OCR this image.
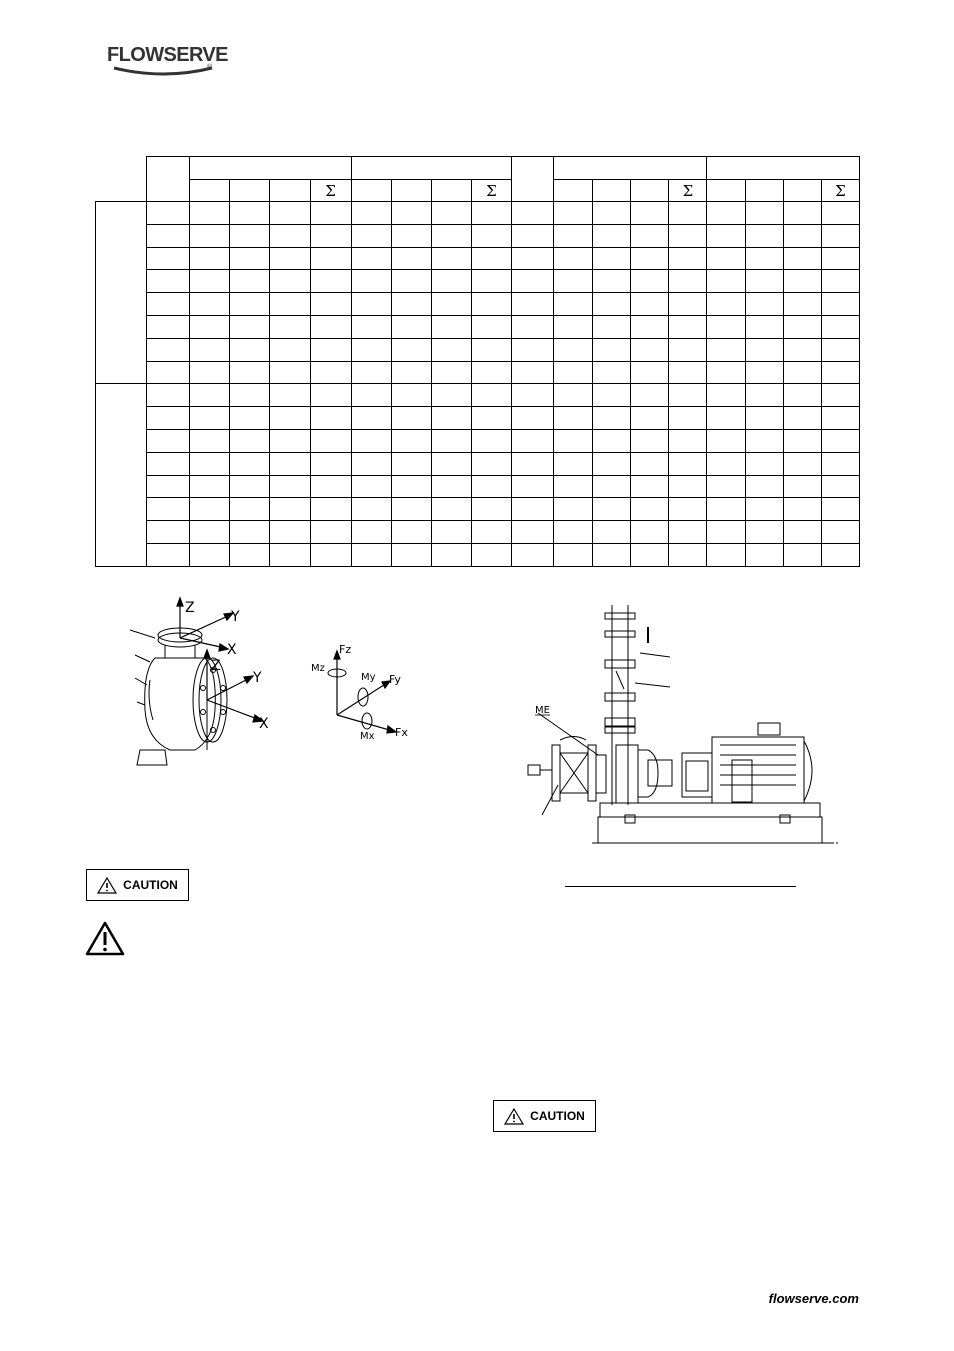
FLOWSERVE
®

					Σ				Σ					Σ				Σ

Z
Y
X
Z
Y
X
Fz
Fy
Fx
Mz
My
Mx
ME
CAUTION
CAUTION
flowserve.com
